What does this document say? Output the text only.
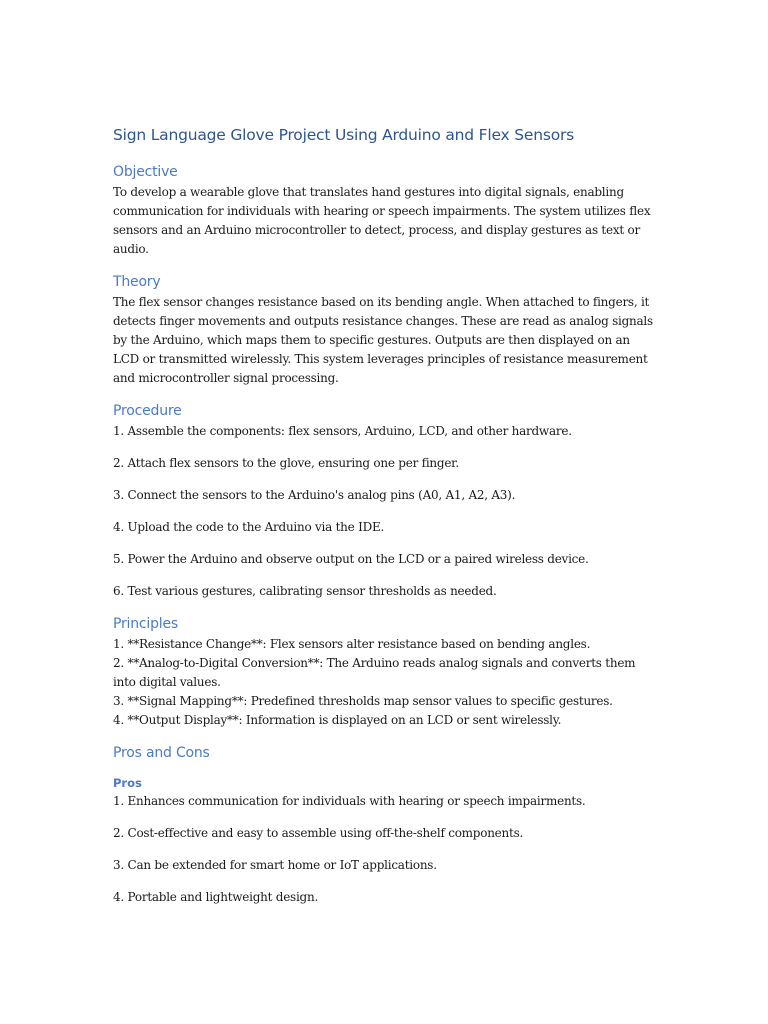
Sign Language Glove Project Using Arduino and Flex Sensors
Objective

To develop a wearable glove that translates hand gestures into digital signals, enabling communication for individuals with hearing or speech impairments. The system utilizes flex sensors and an Arduino microcontroller to detect, process, and display gestures as text or audio.

Theory

The flex sensor changes resistance based on its bending angle. When attached to fingers, it detects finger movements and outputs resistance changes. These are read as analog signals by the Arduino, which maps them to specific gestures. Outputs are then displayed on an LCD or transmitted wirelessly. This system leverages principles of resistance measurement and microcontroller signal processing.

Procedure

1. Assemble the components: flex sensors, Arduino, LCD, and other hardware.

2. Attach flex sensors to the glove, ensuring one per finger.

3. Connect the sensors to the Arduino's analog pins (A0, A1, A2, A3).

4. Upload the code to the Arduino via the IDE.

5. Power the Arduino and observe output on the LCD or a paired wireless device.

6. Test various gestures, calibrating sensor thresholds as needed.

Principles

1. **Resistance Change**: Flex sensors alter resistance based on bending angles.

2. **Analog-to-Digital Conversion**: The Arduino reads analog signals and converts them into digital values.

3. **Signal Mapping**: Predefined thresholds map sensor values to specific gestures.

4. **Output Display**: Information is displayed on an LCD or sent wirelessly.

Pros and Cons
Pros

1. Enhances communication for individuals with hearing or speech impairments.

2. Cost-effective and easy to assemble using off-the-shelf components.

3. Can be extended for smart home or IoT applications.

4. Portable and lightweight design.
